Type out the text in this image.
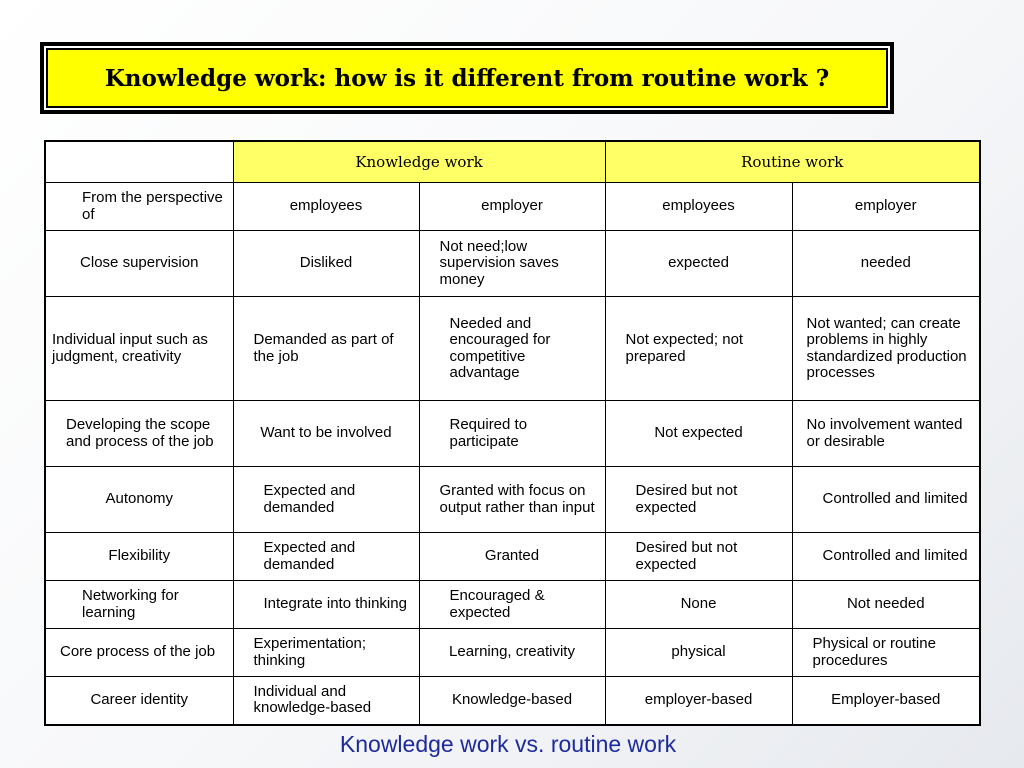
Knowledge work: how is it different from routine work ?
	Knowledge work		Routine work	
From the perspective of	employees	employer	employees	employer
Close supervision	Disliked	Not need;low supervision saves money	expected	needed
Individual input such as judgment, creativity	Demanded as part of the job	Needed and encouraged for competitive advantage	Not expected; not prepared	Not wanted; can create problems in highly standardized production processes
Developing the scope and process of the job	Want to be involved	Required to participate	Not expected	No involvement wanted or desirable
Autonomy	Expected and demanded	Granted with focus on output rather than input	Desired but not expected	Controlled and limited
Flexibility	Expected and demanded	Granted	Desired but not expected	Controlled and limited
Networking for learning	Integrate into thinking	Encouraged & expected	None	Not needed
Core process of the job	Experimentation; thinking	Learning, creativity	physical	Physical or routine procedures
Career identity	Individual and knowledge-based	Knowledge-based	employer-based	Employer-based
Knowledge work vs. routine work
